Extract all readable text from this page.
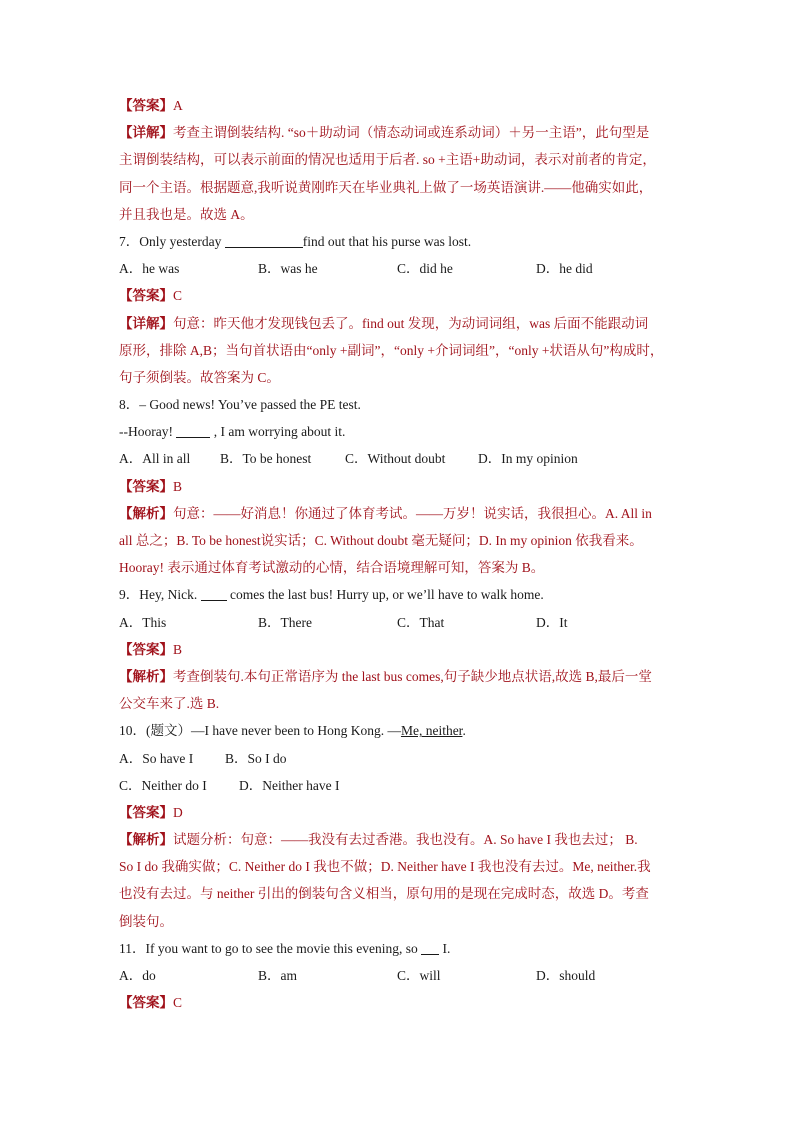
【答案】A
【详解】考查主谓倒装结构. “so＋助动词（情态动词或连系动词）＋另一主语”，此句型是
主谓倒装结构，可以表示前面的情况也适用于后者. so +主语+助动词，表示对前者的肯定，
同一个主语。根据题意,我听说黄刚昨天在毕业典礼上做了一场英语演讲.——他确实如此，
并且我也是。故选 A。
7．Only yesterday	find out that his purse was lost.
A．he was	B．was he	C．did he	D．he did
【答案】C
【详解】句意：昨天他才发现钱包丢了。find out 发现，为动词词组，was 后面不能跟动词
原形，排除 A,B；当句首状语由“only +副词”，“only +介词词组”，“only +状语从句”构成时，
句子须倒装。故答案为 C。
8．– Good news! You’ve passed the PE test.
--Hooray!	, I am worrying about it.
A．All in all	B．To be honest	C．Without doubt	D．In my opinion
【答案】B
【解析】句意：——好消息！你通过了体育考试。——万岁！说实话，我很担心。A. All in
all 总之；B. To be honest说实话；C. Without doubt 毫无疑问；D. In my opinion 依我看来。
Hooray! 表示通过体育考试激动的心情，结合语境理解可知，答案为 B。
9．Hey, Nick.  comes the last bus! Hurry up, or we’ll have to walk home.
A．This	B．There	C．That	D．It
【答案】B
【解析】考查倒装句.本句正常语序为 the last bus comes,句子缺少地点状语,故选 B,最后一堂
公交车来了.选 B.
10．(题文）—I have never been to Hong Kong. —Me, neither.
A．So have I	B．So I do
C．Neither do I	D．Neither have I
【答案】D
【解析】试题分析：句意：——我没有去过香港。我也没有。A. So have I 我也去过； B.
So I do 我确实做；C. Neither do I 我也不做；D. Neither have I 我也没有去过。Me, neither.我
也没有去过。与 neither 引出的倒装句含义相当，原句用的是现在完成时态，故选 D。考查
倒装句。
11．If you want to go to see the movie this evening, so  I.
A．do	B．am	C．will	D．should
【答案】C
